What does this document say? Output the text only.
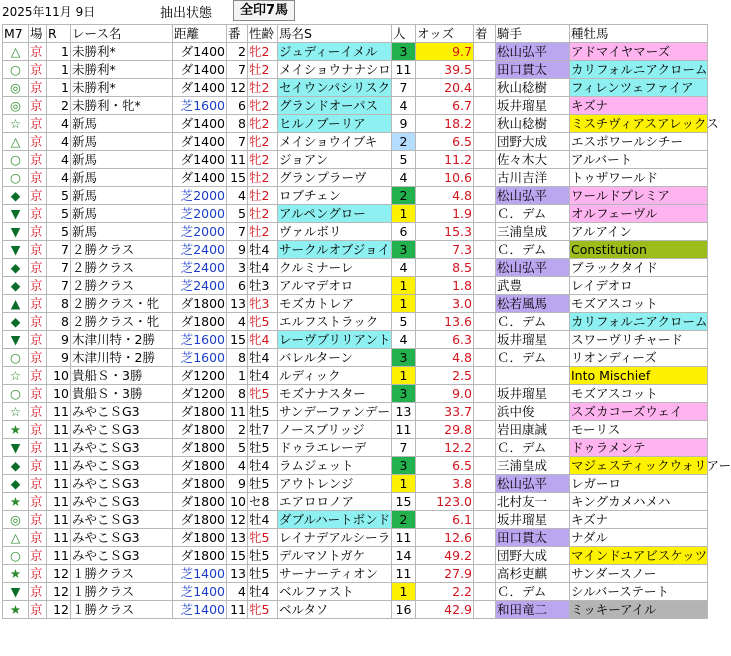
2025年11月 9日	抽出状態	全印7馬
M7	場	R	レース名	距離	番	性齢	馬名S	人	オッズ	着	騎手	種牡馬
△	京	1	未勝利*	ダ1400	2	牝2	ジュディーイメル	3	9.7		松山弘平	アドマイヤマーズ
○	京	1	未勝利*	ダ1400	7	牡2	メイショウナナシロ	11	39.5		田口貫太	カリフォルニアクローム
◎	京	1	未勝利*	ダ1400	12	牡2	セイウンパシリスク	7	20.4		秋山稔樹	フィレンツェファイア
◎	京	2	未勝利・牝*	芝1600	6	牝2	グランドオーパス	4	6.7		坂井瑠星	キズナ
☆	京	4	新馬	ダ1400	8	牝2	ヒルノブーリア	9	18.2		秋山稔樹	ミスチヴィアスアレックス
△	京	4	新馬	ダ1400	7	牝2	メイショウイブキ	2	6.5		団野大成	エスポワールシチー
○	京	4	新馬	ダ1400	11	牝2	ジョアン	5	11.2		佐々木大	アルバート
○	京	4	新馬	ダ1400	15	牡2	グランプラーヴ	4	10.6		古川吉洋	トゥザワールド
◆	京	5	新馬	芝2000	4	牡2	ロブチェン	2	4.8		松山弘平	ワールドプレミア
▼	京	5	新馬	芝2000	5	牡2	アルペングロー	1	1.9		Ｃ．デム	オルフェーヴル
▼	京	5	新馬	芝2000	7	牡2	ヴァルボリ	6	15.3		三浦皇成	アルアイン
▼	京	7	２勝クラス	芝2400	9	牡4	サークルオブジョイ	3	7.3		Ｃ．デム	Constitution
◆	京	7	２勝クラス	芝2400	3	牡4	クルミナーレ	4	8.5		松山弘平	ブラックタイド
◆	京	7	２勝クラス	芝2400	6	牡3	アルマデオロ	1	1.8		武豊	レイデオロ
▲	京	8	２勝クラス・牝	ダ1800	13	牝3	モズカトレア	1	3.0		松若風馬	モズアスコット
◆	京	8	２勝クラス・牝	ダ1800	4	牝5	エルフストラック	5	13.6		Ｃ．デム	カリフォルニアクローム
▼	京	9	木津川特・2勝	芝1600	15	牝4	レーヴブリリアント	4	6.3		坂井瑠星	スワーヴリチャード
○	京	9	木津川特・2勝	芝1600	8	牡4	バレルターン	3	4.8		Ｃ．デム	リオンディーズ
☆	京	10	貴船Ｓ・3勝	ダ1200	1	牡4	ルディック	1	2.5			Into Mischief
○	京	10	貴船Ｓ・3勝	ダ1200	8	牝5	モズナナスター	3	9.0		坂井瑠星	モズアスコット
☆	京	11	みやこＳG3	ダ1800	11	牡5	サンデーファンデー	13	33.7		浜中俊	スズカコーズウェイ
★	京	11	みやこＳG3	ダ1800	2	牡7	ノースブリッジ	11	29.8		岩田康誠	モーリス
▼	京	11	みやこＳG3	ダ1800	5	牡5	ドゥラエレーデ	7	12.2		Ｃ．デム	ドゥラメンテ
◆	京	11	みやこＳG3	ダ1800	4	牡4	ラムジェット	3	6.5		三浦皇成	マジェスティックウォリアー
◆	京	11	みやこＳG3	ダ1800	9	牡5	アウトレンジ	1	3.8		松山弘平	レガーロ
★	京	11	みやこＳG3	ダ1800	10	セ8	エアロロノア	15	123.0		北村友一	キングカメハメハ
◎	京	11	みやこＳG3	ダ1800	12	牡4	ダブルハートボンド	2	6.1		坂井瑠星	キズナ
△	京	11	みやこＳG3	ダ1800	13	牝5	レイナデアルシーラ	11	12.6		田口貫太	ナダル
○	京	11	みやこＳG3	ダ1800	15	牡5	デルマソトガケ	14	49.2		団野大成	マインドユアビスケッツ
★	京	12	１勝クラス	芝1400	13	牡5	サーナーティオン	11	27.9		高杉吏麒	サンダースノー
▼	京	12	１勝クラス	芝1400	4	牡4	ベルファスト	1	2.2		Ｃ．デム	シルバーステート
★	京	12	１勝クラス	芝1400	11	牝5	ベルタソ	16	42.9		和田竜二	ミッキーアイル
